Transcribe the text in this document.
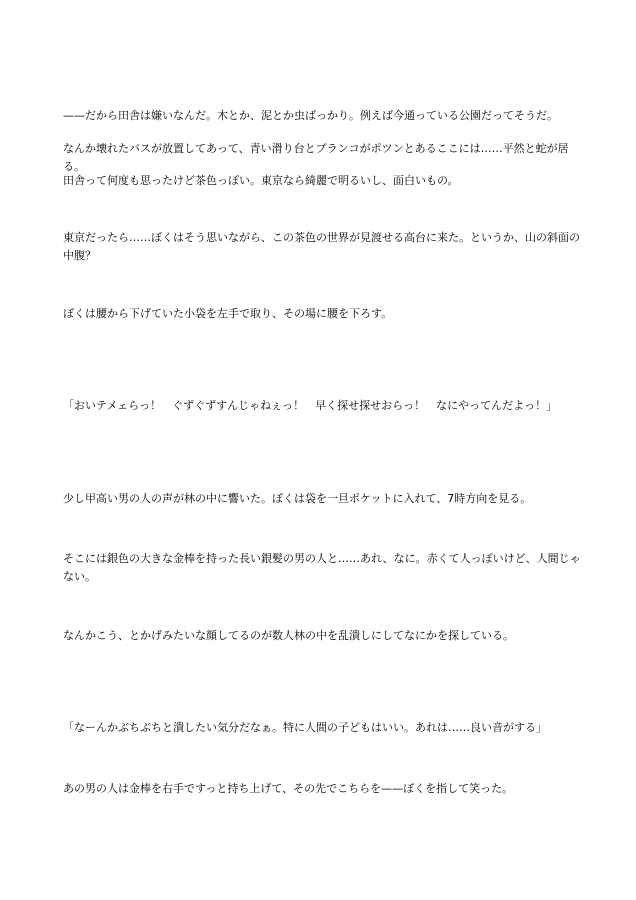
——だから田舎は嫌いなんだ。木とか、泥とか虫ばっかり。例えば今通っている公園だってそうだ。

なんか壊れたバスが放置してあって、青い滑り台とブランコがポツンとあるここには……平然と蛇が居る。

田舎って何度も思ったけど茶色っぽい。東京なら綺麗で明るいし、面白いもの。

東京だったら……ぼくはそう思いながら、この茶色の世界が見渡せる高台に来た。というか、山の斜面の中腹？

ぼくは腰から下げていた小袋を左手で取り、その場に腰を下ろす。

「おいテメェらっ！　ぐずぐずすんじゃねぇっ！　早く探せ探せおらっ！　なにやってんだよっ！」

少し甲高い男の人の声が林の中に響いた。ぼくは袋を一旦ポケットに入れて、7時方向を見る。

そこには銀色の大きな金棒を持った長い銀髪の男の人と……あれ、なに。赤くて人っぽいけど、人間じゃない。

なんかこう、とかげみたいな顔してるのが数人林の中を乱潰しにしてなにかを探している。

「なーんかぶちぶちと潰したい気分だなぁ。特に人間の子どもはいい。あれは……良い音がする」

あの男の人は金棒を右手ですっと持ち上げて、その先でこちらを——ぼくを指して笑った。
